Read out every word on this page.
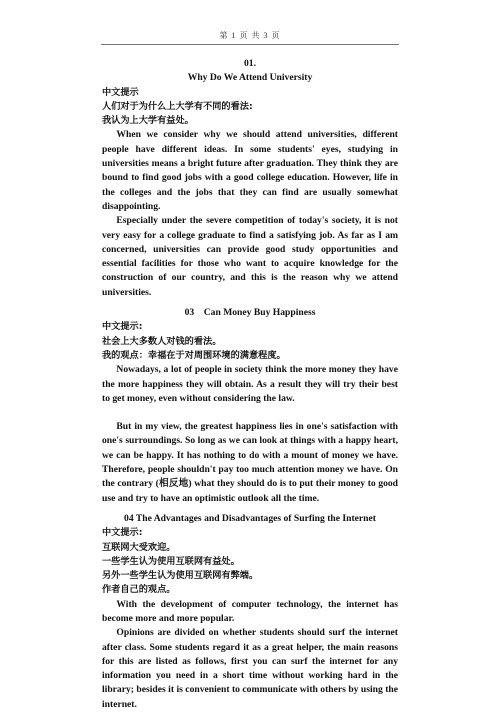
第 1 页 共 3 页
01.
Why Do We Attend University
中文提示
人们对于为什么上大学有不同的看法:
我认为上大学有益处。

When we consider why we should attend universities, different people have different ideas. In some students' eyes, studying in universities means a bright future after graduation. They think they are bound to find good jobs with a good college education. However, life in the colleges and the jobs that they can find are usually somewhat disappointing.

Especially under the severe competition of today's society, it is not very easy for a college graduate to find a satisfying job. As far as I am concerned, universities can provide good study opportunities and essential facilities for those who want to acquire knowledge for the construction of our country, and this is the reason why we attend universities.

03    Can Money Buy Happiness
中文提示:
社会上大多数人对钱的看法。
我的观点：幸福在于对周围环境的满意程度。

Nowadays, a lot of people in society think the more money they have the more happiness they will obtain. As a result they will try their best to get money, even without considering the law.

But in my view, the greatest happiness lies in one's satisfaction with one's surroundings. So long as we can look at things with a happy heart, we can be happy. It has nothing to do with a mount of money we have. Therefore, people shouldn't pay too much attention money we have. On the contrary (相反地) what they should do is to put their money to good use and try to have an optimistic outlook all the time.

04 The Advantages and Disadvantages of Surfing the Internet
中文提示:
互联网大受欢迎。
一些学生认为使用互联网有益处。
另外一些学生认为使用互联网有弊端。
作者自己的观点。

With the development of computer technology, the internet has become more and more popular.

Opinions are divided on whether students should surf the internet after class. Some students regard it as a great helper, the main reasons for this are listed as follows, first you can surf the internet for any information you need in a short time without working hard in the library; besides it is convenient to communicate with others by using the internet.
